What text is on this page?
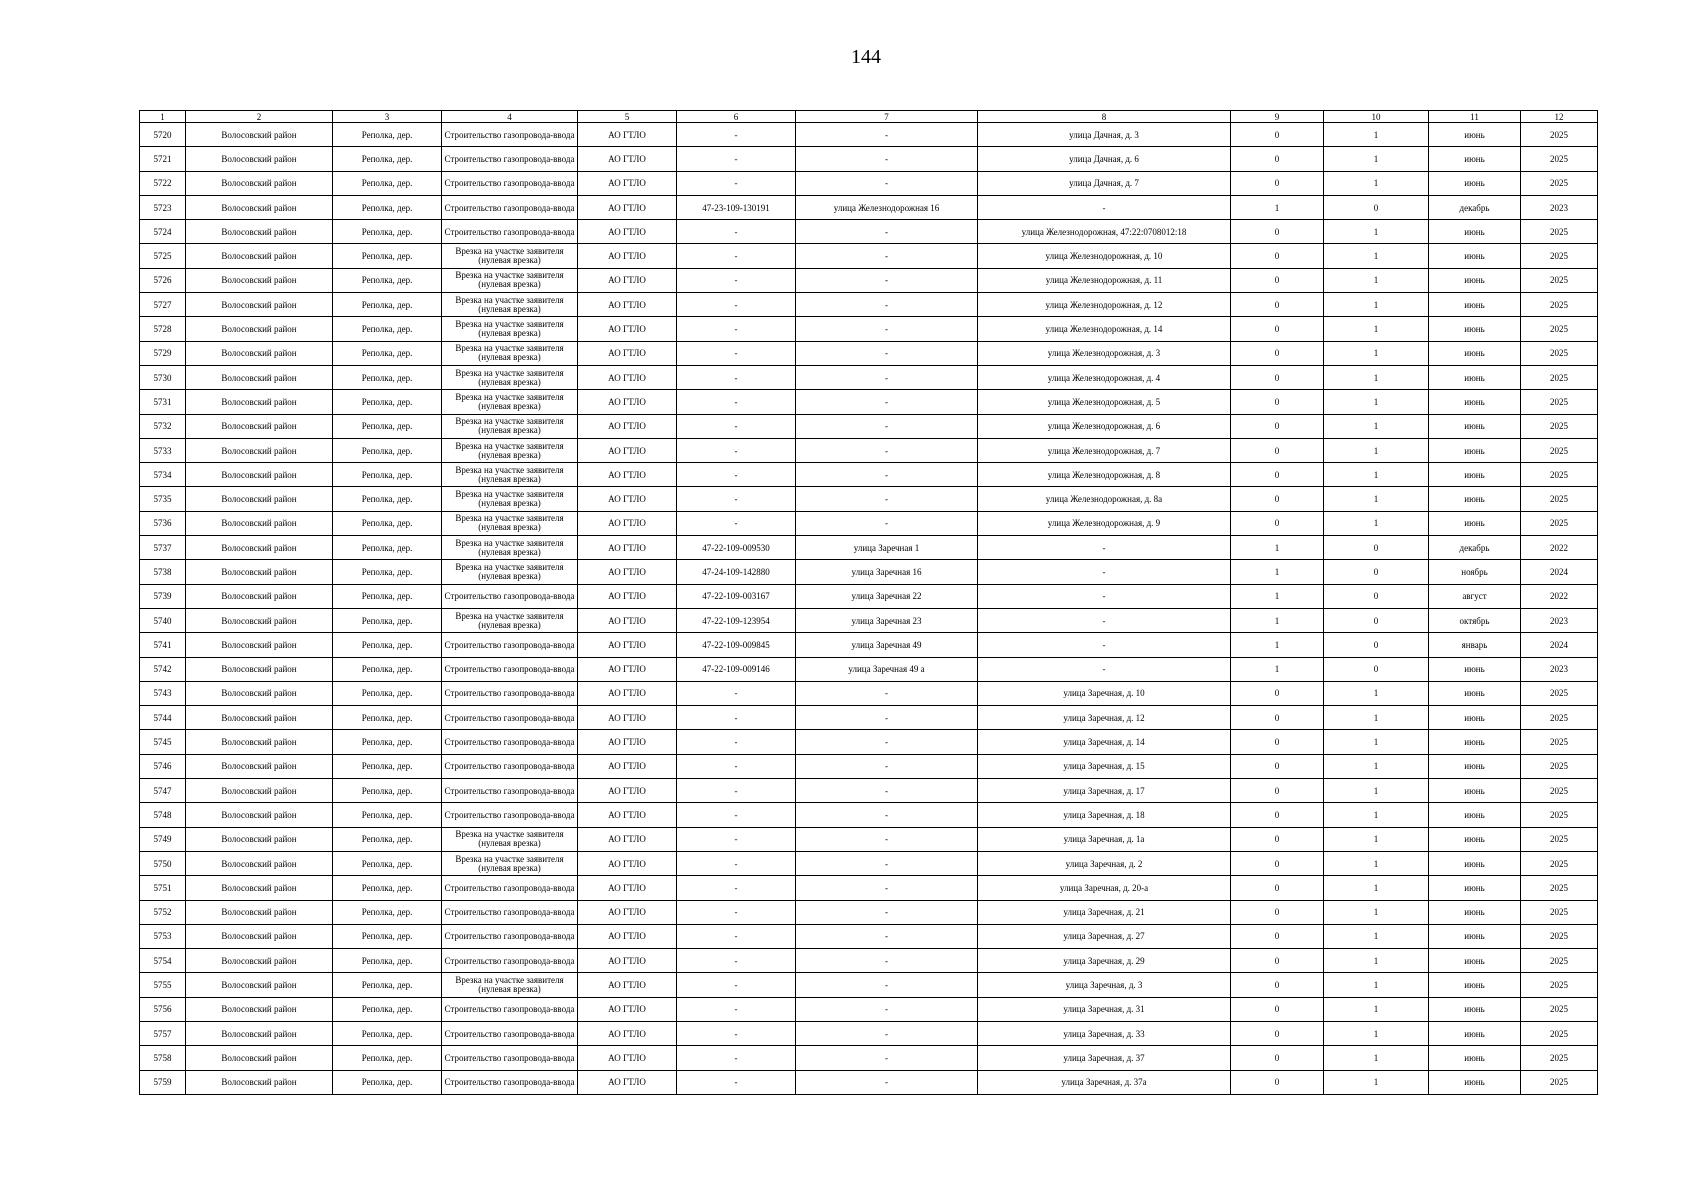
144
1	2	3	4	5	6	7	8	9	10	11	12
5720	Волосовский район	Реполка, дер.	Строительство газопровода-ввода	АО ГТЛО	-	-	улица Дачная, д. 3	0	1	июнь	2025
5721	Волосовский район	Реполка, дер.	Строительство газопровода-ввода	АО ГТЛО	-	-	улица Дачная, д. 6	0	1	июнь	2025
5722	Волосовский район	Реполка, дер.	Строительство газопровода-ввода	АО ГТЛО	-	-	улица Дачная, д. 7	0	1	июнь	2025
5723	Волосовский район	Реполка, дер.	Строительство газопровода-ввода	АО ГТЛО	47-23-109-130191	улица Железнодорожная 16	-	1	0	декабрь	2023
5724	Волосовский район	Реполка, дер.	Строительство газопровода-ввода	АО ГТЛО	-	-	улица Железнодорожная, 47:22:0708012:18	0	1	июнь	2025
5725	Волосовский район	Реполка, дер.	Врезка на участке заявителя (нулевая врезка)	АО ГТЛО	-	-	улица Железнодорожная, д. 10	0	1	июнь	2025
5726	Волосовский район	Реполка, дер.	Врезка на участке заявителя (нулевая врезка)	АО ГТЛО	-	-	улица Железнодорожная, д. 11	0	1	июнь	2025
5727	Волосовский район	Реполка, дер.	Врезка на участке заявителя (нулевая врезка)	АО ГТЛО	-	-	улица Железнодорожная, д. 12	0	1	июнь	2025
5728	Волосовский район	Реполка, дер.	Врезка на участке заявителя (нулевая врезка)	АО ГТЛО	-	-	улица Железнодорожная, д. 14	0	1	июнь	2025
5729	Волосовский район	Реполка, дер.	Врезка на участке заявителя (нулевая врезка)	АО ГТЛО	-	-	улица Железнодорожная, д. 3	0	1	июнь	2025
5730	Волосовский район	Реполка, дер.	Врезка на участке заявителя (нулевая врезка)	АО ГТЛО	-	-	улица Железнодорожная, д. 4	0	1	июнь	2025
5731	Волосовский район	Реполка, дер.	Врезка на участке заявителя (нулевая врезка)	АО ГТЛО	-	-	улица Железнодорожная, д. 5	0	1	июнь	2025
5732	Волосовский район	Реполка, дер.	Врезка на участке заявителя (нулевая врезка)	АО ГТЛО	-	-	улица Железнодорожная, д. 6	0	1	июнь	2025
5733	Волосовский район	Реполка, дер.	Врезка на участке заявителя (нулевая врезка)	АО ГТЛО	-	-	улица Железнодорожная, д. 7	0	1	июнь	2025
5734	Волосовский район	Реполка, дер.	Врезка на участке заявителя (нулевая врезка)	АО ГТЛО	-	-	улица Железнодорожная, д. 8	0	1	июнь	2025
5735	Волосовский район	Реполка, дер.	Врезка на участке заявителя (нулевая врезка)	АО ГТЛО	-	-	улица Железнодорожная, д. 8а	0	1	июнь	2025
5736	Волосовский район	Реполка, дер.	Врезка на участке заявителя (нулевая врезка)	АО ГТЛО	-	-	улица Железнодорожная, д. 9	0	1	июнь	2025
5737	Волосовский район	Реполка, дер.	Врезка на участке заявителя (нулевая врезка)	АО ГТЛО	47-22-109-009530	улица Заречная 1	-	1	0	декабрь	2022
5738	Волосовский район	Реполка, дер.	Врезка на участке заявителя (нулевая врезка)	АО ГТЛО	47-24-109-142880	улица Заречная 16	-	1	0	ноябрь	2024
5739	Волосовский район	Реполка, дер.	Строительство газопровода-ввода	АО ГТЛО	47-22-109-003167	улица Заречная 22	-	1	0	август	2022
5740	Волосовский район	Реполка, дер.	Врезка на участке заявителя (нулевая врезка)	АО ГТЛО	47-22-109-123954	улица Заречная 23	-	1	0	октябрь	2023
5741	Волосовский район	Реполка, дер.	Строительство газопровода-ввода	АО ГТЛО	47-22-109-009845	улица Заречная 49	-	1	0	январь	2024
5742	Волосовский район	Реполка, дер.	Строительство газопровода-ввода	АО ГТЛО	47-22-109-009146	улица Заречная 49 а	-	1	0	июнь	2023
5743	Волосовский район	Реполка, дер.	Строительство газопровода-ввода	АО ГТЛО	-	-	улица Заречная, д. 10	0	1	июнь	2025
5744	Волосовский район	Реполка, дер.	Строительство газопровода-ввода	АО ГТЛО	-	-	улица Заречная, д. 12	0	1	июнь	2025
5745	Волосовский район	Реполка, дер.	Строительство газопровода-ввода	АО ГТЛО	-	-	улица Заречная, д. 14	0	1	июнь	2025
5746	Волосовский район	Реполка, дер.	Строительство газопровода-ввода	АО ГТЛО	-	-	улица Заречная, д. 15	0	1	июнь	2025
5747	Волосовский район	Реполка, дер.	Строительство газопровода-ввода	АО ГТЛО	-	-	улица Заречная, д. 17	0	1	июнь	2025
5748	Волосовский район	Реполка, дер.	Строительство газопровода-ввода	АО ГТЛО	-	-	улица Заречная, д. 18	0	1	июнь	2025
5749	Волосовский район	Реполка, дер.	Врезка на участке заявителя (нулевая врезка)	АО ГТЛО	-	-	улица Заречная, д. 1а	0	1	июнь	2025
5750	Волосовский район	Реполка, дер.	Врезка на участке заявителя (нулевая врезка)	АО ГТЛО	-	-	улица Заречная, д. 2	0	1	июнь	2025
5751	Волосовский район	Реполка, дер.	Строительство газопровода-ввода	АО ГТЛО	-	-	улица Заречная, д. 20-а	0	1	июнь	2025
5752	Волосовский район	Реполка, дер.	Строительство газопровода-ввода	АО ГТЛО	-	-	улица Заречная, д. 21	0	1	июнь	2025
5753	Волосовский район	Реполка, дер.	Строительство газопровода-ввода	АО ГТЛО	-	-	улица Заречная, д. 27	0	1	июнь	2025
5754	Волосовский район	Реполка, дер.	Строительство газопровода-ввода	АО ГТЛО	-	-	улица Заречная, д. 29	0	1	июнь	2025
5755	Волосовский район	Реполка, дер.	Врезка на участке заявителя (нулевая врезка)	АО ГТЛО	-	-	улица Заречная, д. 3	0	1	июнь	2025
5756	Волосовский район	Реполка, дер.	Строительство газопровода-ввода	АО ГТЛО	-	-	улица Заречная, д. 31	0	1	июнь	2025
5757	Волосовский район	Реполка, дер.	Строительство газопровода-ввода	АО ГТЛО	-	-	улица Заречная, д. 33	0	1	июнь	2025
5758	Волосовский район	Реполка, дер.	Строительство газопровода-ввода	АО ГТЛО	-	-	улица Заречная, д. 37	0	1	июнь	2025
5759	Волосовский район	Реполка, дер.	Строительство газопровода-ввода	АО ГТЛО	-	-	улица Заречная, д. 37а	0	1	июнь	2025
